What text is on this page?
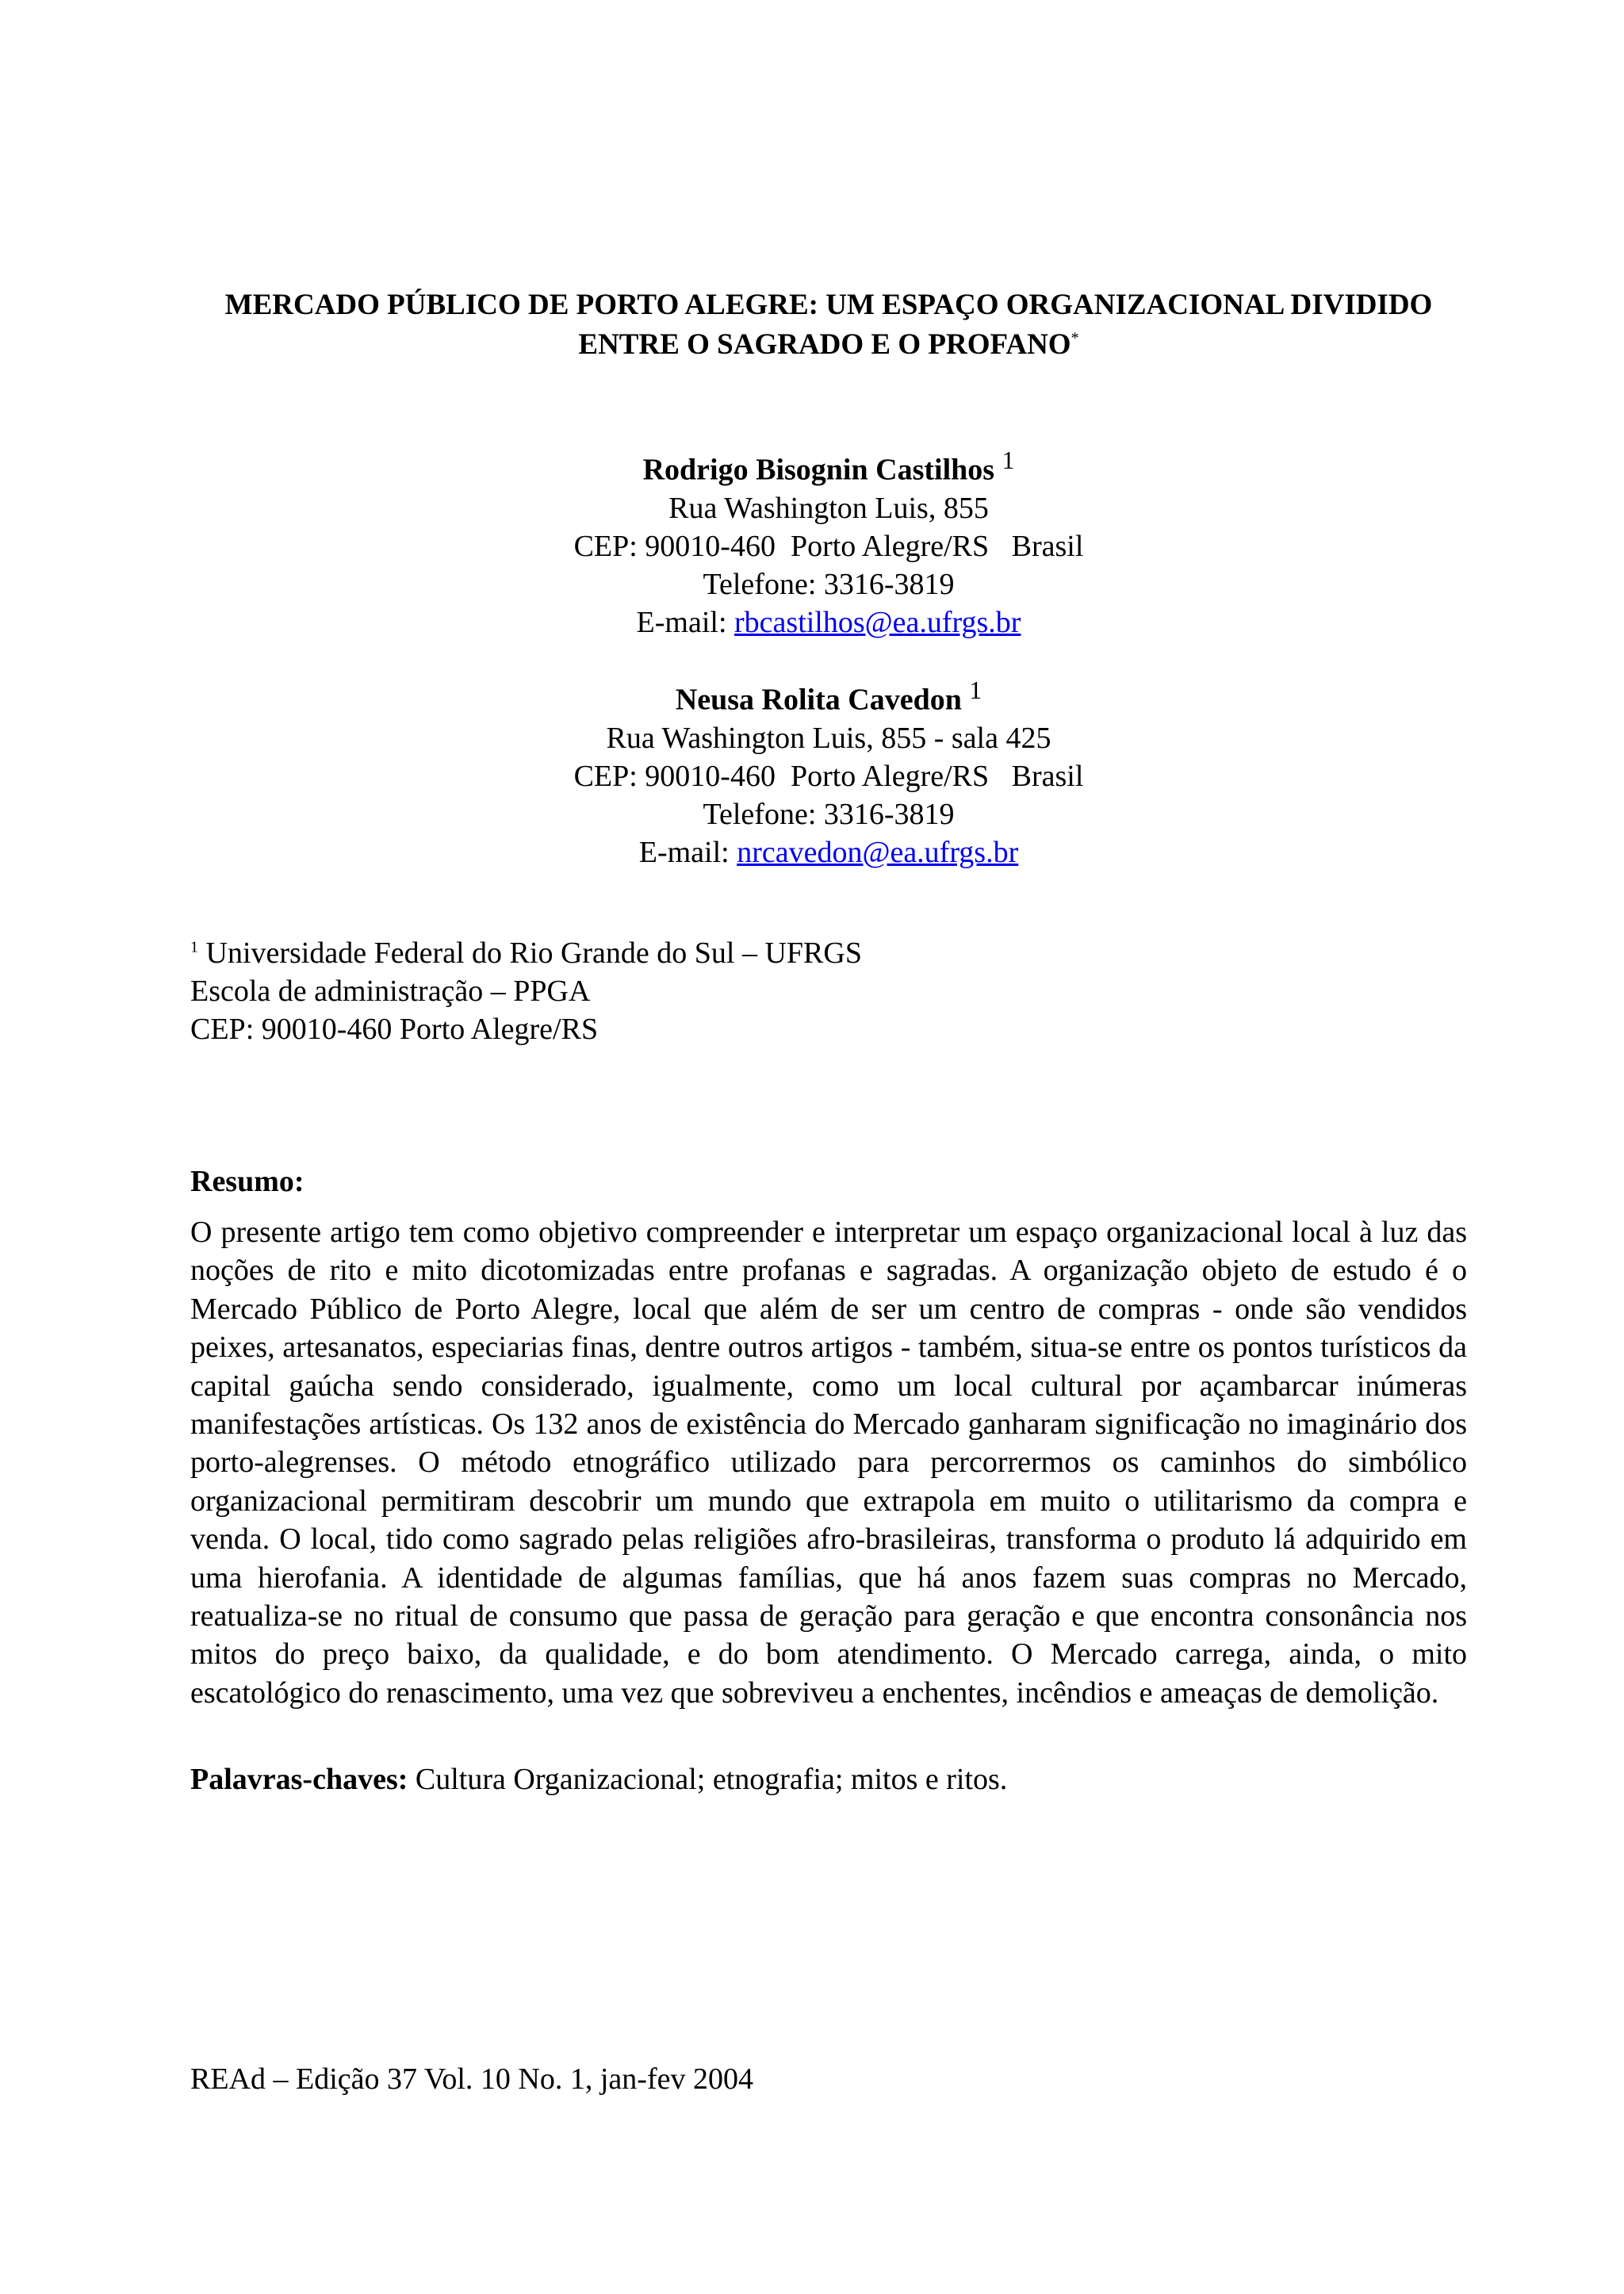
MERCADO PÚBLICO DE PORTO ALEGRE: UM ESPAÇO ORGANIZACIONAL DIVIDIDO
ENTRE O SAGRADO E O PROFANO*
Rodrigo Bisognin Castilhos $^1$
Rua Washington Luis, 855
CEP: 90010-460  Porto Alegre/RS   Brasil
Telefone: 3316-3819
E-mail: rbcastilhos@ea.ufrgs.br
Neusa Rolita Cavedon $^1$
Rua Washington Luis, 855 - sala 425
CEP: 90010-460  Porto Alegre/RS   Brasil
Telefone: 3316-3819
E-mail: nrcavedon@ea.ufrgs.br
$^1$ Universidade Federal do Rio Grande do Sul – UFRGS
Escola de administração – PPGA
CEP: 90010-460 Porto Alegre/RS
Resumo:
O presente artigo tem como objetivo compreender e interpretar um espaço organizacional local à luz das noções de rito e mito dicotomizadas entre profanas e sagradas. A organização objeto de estudo é o Mercado Público de Porto Alegre, local que além de ser um centro de compras - onde são vendidos peixes, artesanatos, especiarias finas, dentre outros artigos - também, situa-se entre os pontos turísticos da capital gaúcha sendo considerado, igualmente, como um local cultural por açambarcar inúmeras manifestações artísticas. Os 132 anos de existência do Mercado ganharam significação no imaginário dos porto-alegrenses. O método etnográfico utilizado para percorrermos os caminhos do simbólico organizacional permitiram descobrir um mundo que extrapola em muito o utilitarismo da compra e venda. O local, tido como sagrado pelas religiões afro-brasileiras, transforma o produto lá adquirido em uma hierofania. A identidade de algumas famílias, que há anos fazem suas compras no Mercado, reatualiza-se no ritual de consumo que passa de geração para geração e que encontra consonância nos mitos do preço baixo, da qualidade, e do bom atendimento. O Mercado carrega, ainda, o mito escatológico do renascimento, uma vez que sobreviveu a enchentes, incêndios e ameaças de demolição.
Palavras-chaves: Cultura Organizacional; etnografia; mitos e ritos.
REAd – Edição 37 Vol. 10 No. 1, jan-fev 2004
